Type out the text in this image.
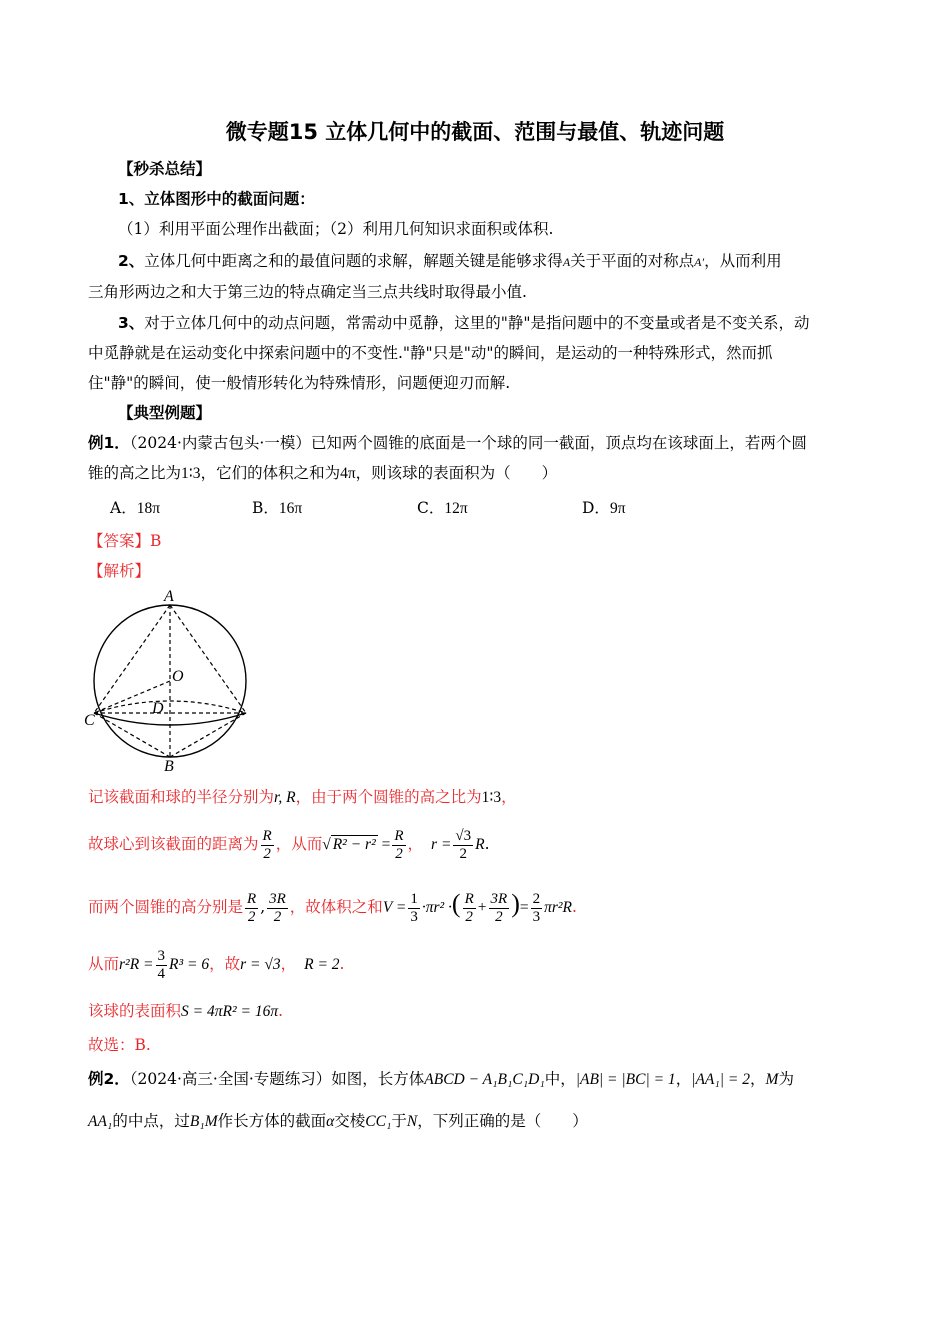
微专题15 立体几何中的截面、范围与最值、轨迹问题
【秒杀总结】
1、立体图形中的截面问题：
（1）利用平面公理作出截面；（2）利用几何知识求面积或体积.
2、立体几何中距离之和的最值问题的求解，解题关键是能够求得A关于平面的对称点A′，从而利用
三角形两边之和大于第三边的特点确定当三点共线时取得最小值.
3、对于立体几何中的动点问题，常需动中觅静，这里的"静"是指问题中的不变量或者是不变关系，动
中觅静就是在运动变化中探索问题中的不变性."静"只是"动"的瞬间，是运动的一种特殊形式，然而抓
住"静"的瞬间，使一般情形转化为特殊情形，问题便迎刃而解.
【典型例题】
例1．（2024·内蒙古包头·一模）已知两个圆锥的底面是一个球的同一截面，顶点均在该球面上，若两个圆
锥的高之比为1∶3，它们的体积之和为4π，则该球的表面积为（　　）
A．18π	B．16π	C．12π	D．9π
【答案】B
【解析】
A
O
D
C
B
记该截面和球的半径分别为r, R，由于两个圆锥的高之比为1∶3，
故球心到该截面的距离为 $\frac{R}{2}$ ，从而√ $R^2 - r^2 = \frac{R}{2}$ ， $r = \frac{√3}{2} R$.
而两个圆锥的高分别是 $\frac{R}{2}$ , $\frac{3R}{2}$ ，故体积之和$V = \frac{1}{3} \cdot\pi r^2$ ·( $\frac{R}{2} + \frac{3R}{2}$ )= $\frac{2}{3} \pi r^2R$.
从而$r^2R = \frac{3}{4} R^3 = 6$，故r = √3， R = 2.
该球的表面积S = 4πR² = 16π.
故选：B.
例2．（2024·高三·全国·专题练习）如图，长方体ABCD − A₁B₁C₁D₁中，|AB| = |BC| = 1，|AA₁| = 2，M为
AA₁的中点，过B₁M作长方体的截面α交棱CC₁于N，下列正确的是（　　）
